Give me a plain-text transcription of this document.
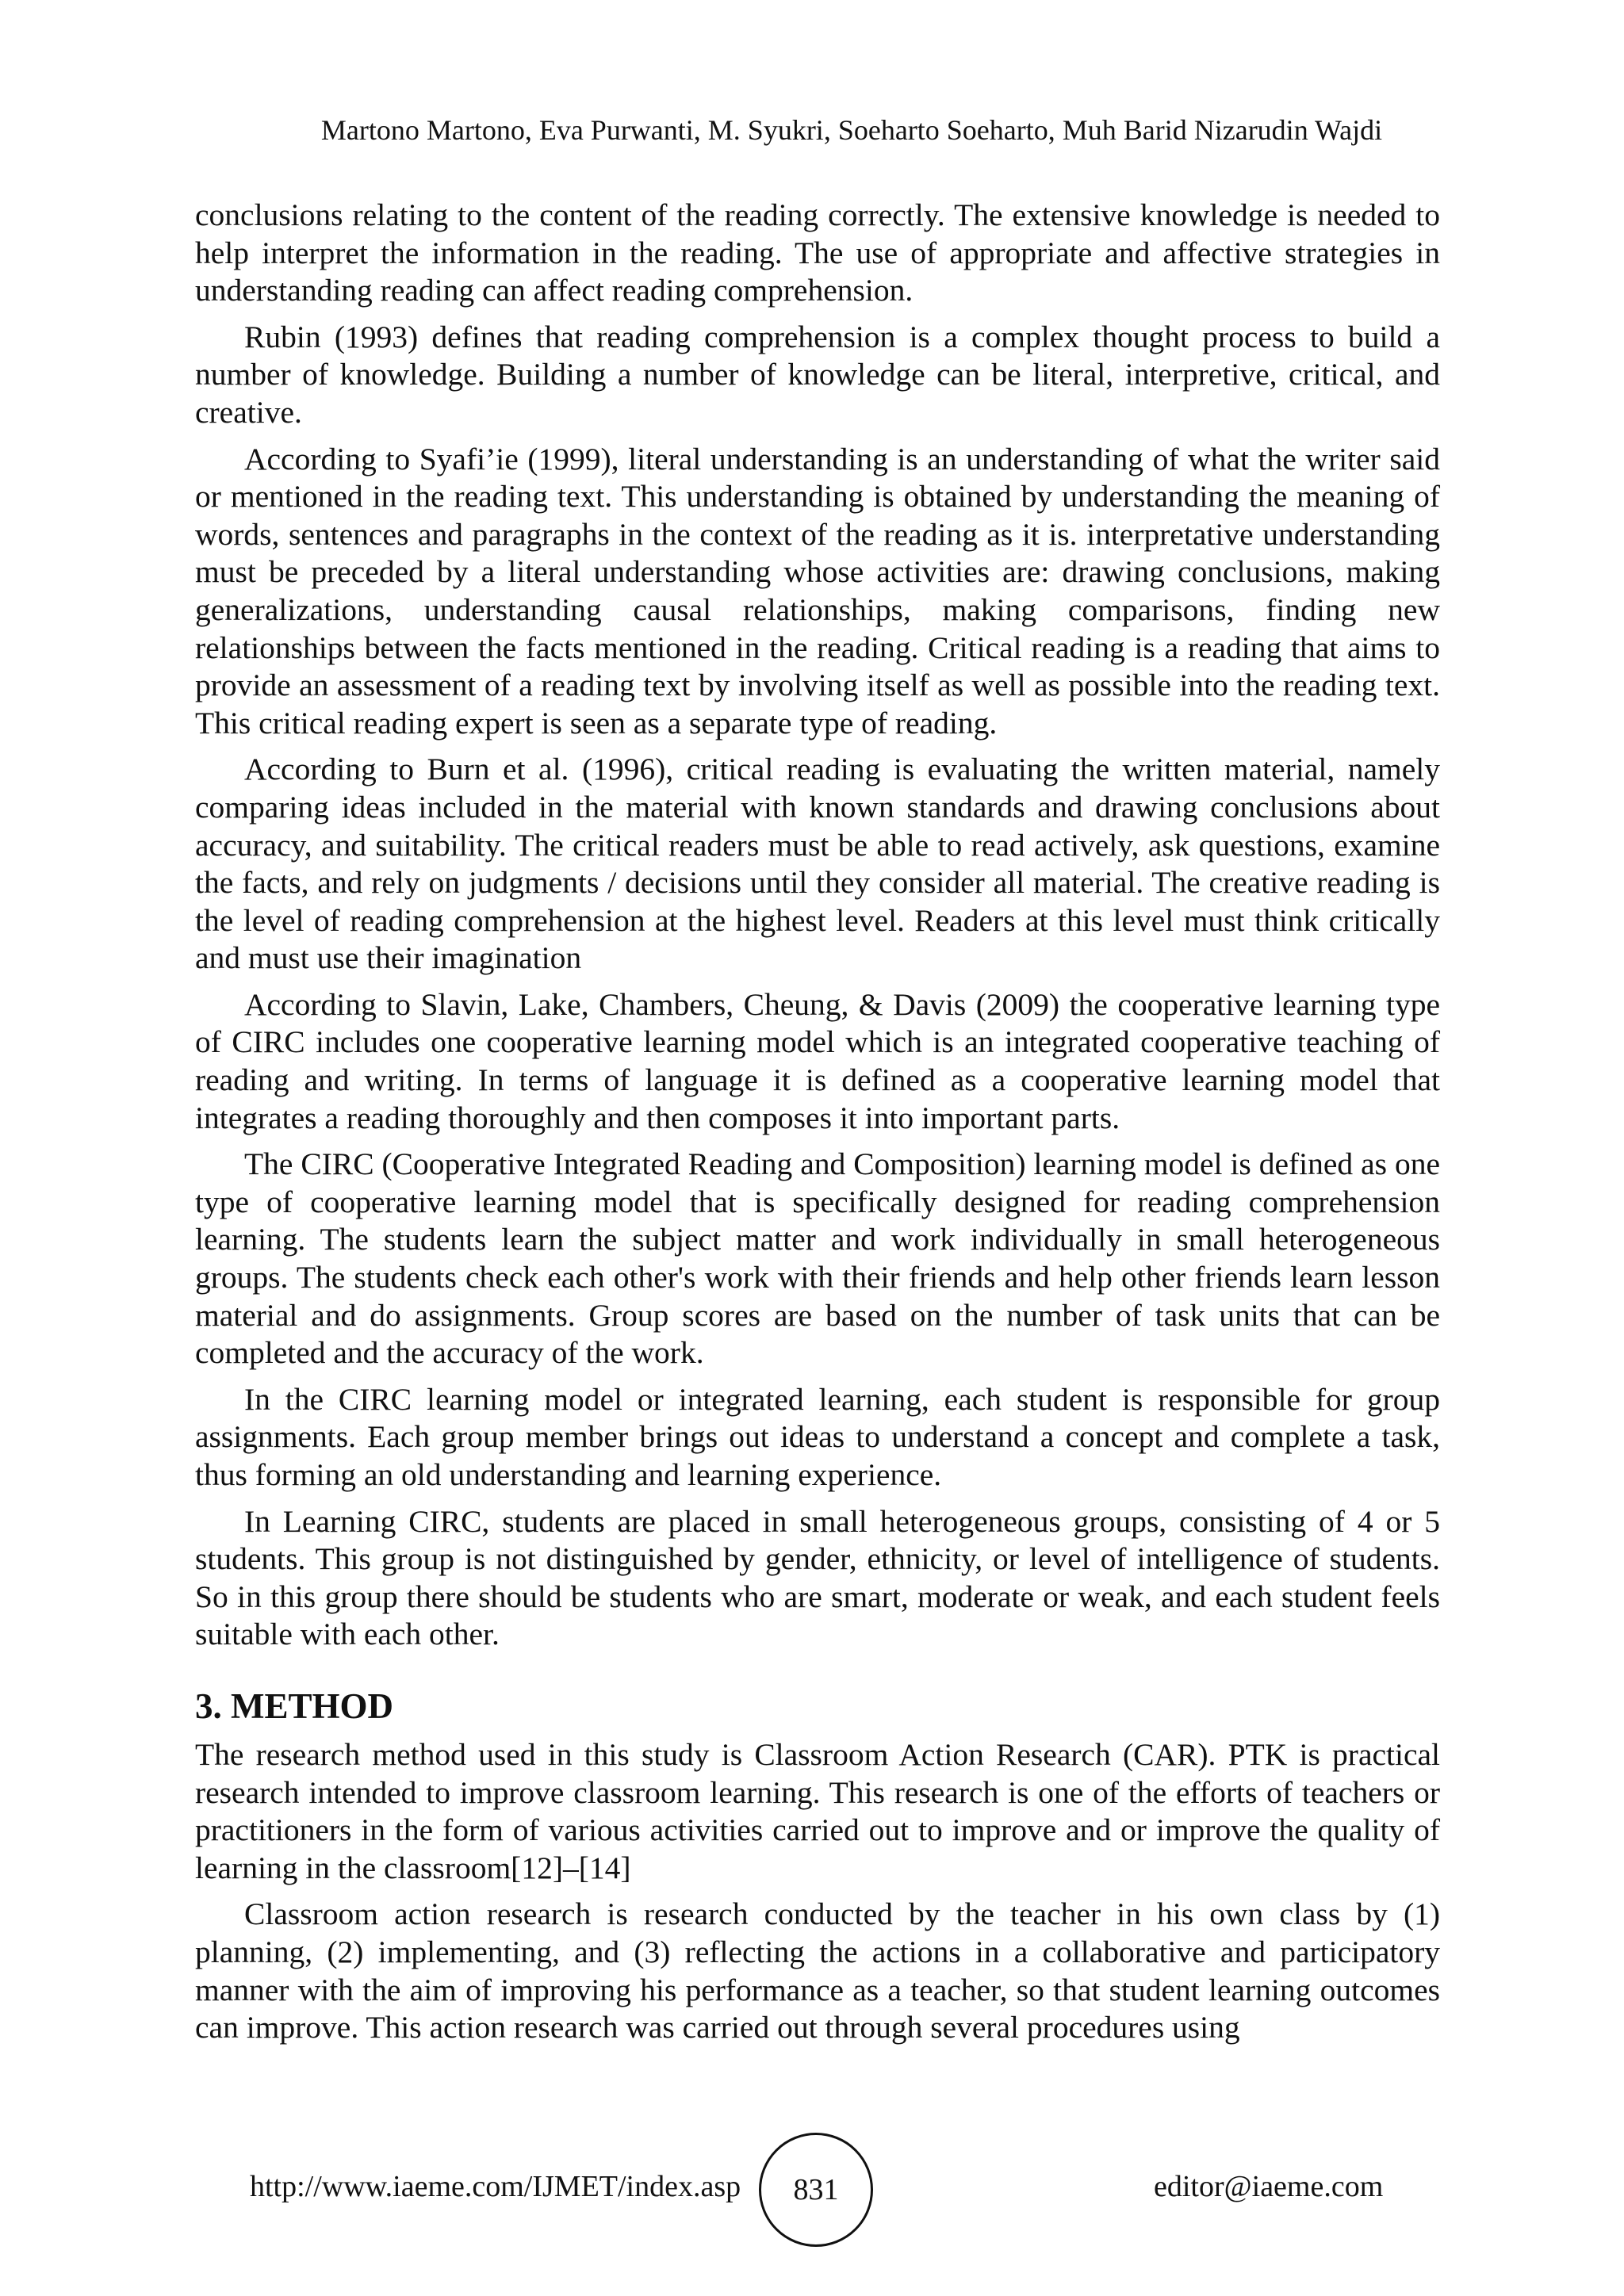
Martono Martono, Eva Purwanti, M. Syukri, Soeharto Soeharto, Muh Barid Nizarudin Wajdi

conclusions relating to the content of the reading correctly. The extensive knowledge is needed to help interpret the information in the reading. The use of appropriate and affective strategies in understanding reading can affect reading comprehension.

Rubin (1993) defines that reading comprehension is a complex thought process to build a number of knowledge. Building a number of knowledge can be literal, interpretive, critical, and creative.

According to Syafi’ie (1999), literal understanding is an understanding of what the writer said or mentioned in the reading text. This understanding is obtained by understanding the meaning of words, sentences and paragraphs in the context of the reading as it is. interpretative understanding must be preceded by a literal understanding whose activities are: drawing conclusions, making generalizations, understanding causal relationships, making comparisons, finding new relationships between the facts mentioned in the reading. Critical reading is a reading that aims to provide an assessment of a reading text by involving itself as well as possible into the reading text. This critical reading expert is seen as a separate type of reading.

According to Burn et al. (1996), critical reading is evaluating the written material, namely comparing ideas included in the material with known standards and drawing conclusions about accuracy, and suitability. The critical readers must be able to read actively, ask questions, examine the facts, and rely on judgments / decisions until they consider all material. The creative reading is the level of reading comprehension at the highest level. Readers at this level must think critically and must use their imagination

According to Slavin, Lake, Chambers, Cheung, & Davis (2009) the cooperative learning type of CIRC includes one cooperative learning model which is an integrated cooperative teaching of reading and writing. In terms of language it is defined as a cooperative learning model that integrates a reading thoroughly and then composes it into important parts.

The CIRC (Cooperative Integrated Reading and Composition) learning model is defined as one type of cooperative learning model that is specifically designed for reading comprehension learning. The students learn the subject matter and work individually in small heterogeneous groups. The students check each other's work with their friends and help other friends learn lesson material and do assignments. Group scores are based on the number of task units that can be completed and the accuracy of the work.

In the CIRC learning model or integrated learning, each student is responsible for group assignments. Each group member brings out ideas to understand a concept and complete a task, thus forming an old understanding and learning experience.

In Learning CIRC, students are placed in small heterogeneous groups, consisting of 4 or 5 students. This group is not distinguished by gender, ethnicity, or level of intelligence of students. So in this group there should be students who are smart, moderate or weak, and each student feels suitable with each other.

3. METHOD

The research method used in this study is Classroom Action Research (CAR). PTK is practical research intended to improve classroom learning. This research is one of the efforts of teachers or practitioners in the form of various activities carried out to improve and or improve the quality of learning in the classroom[12]–[14]

Classroom action research is research conducted by the teacher in his own class by (1) planning, (2) implementing, and (3) reflecting the actions in a collaborative and participatory manner with the aim of improving his performance as a teacher, so that student learning outcomes can improve. This action research was carried out through several procedures using

http://www.iaeme.com/IJMET/index.asp 831	editor@iaeme.com
